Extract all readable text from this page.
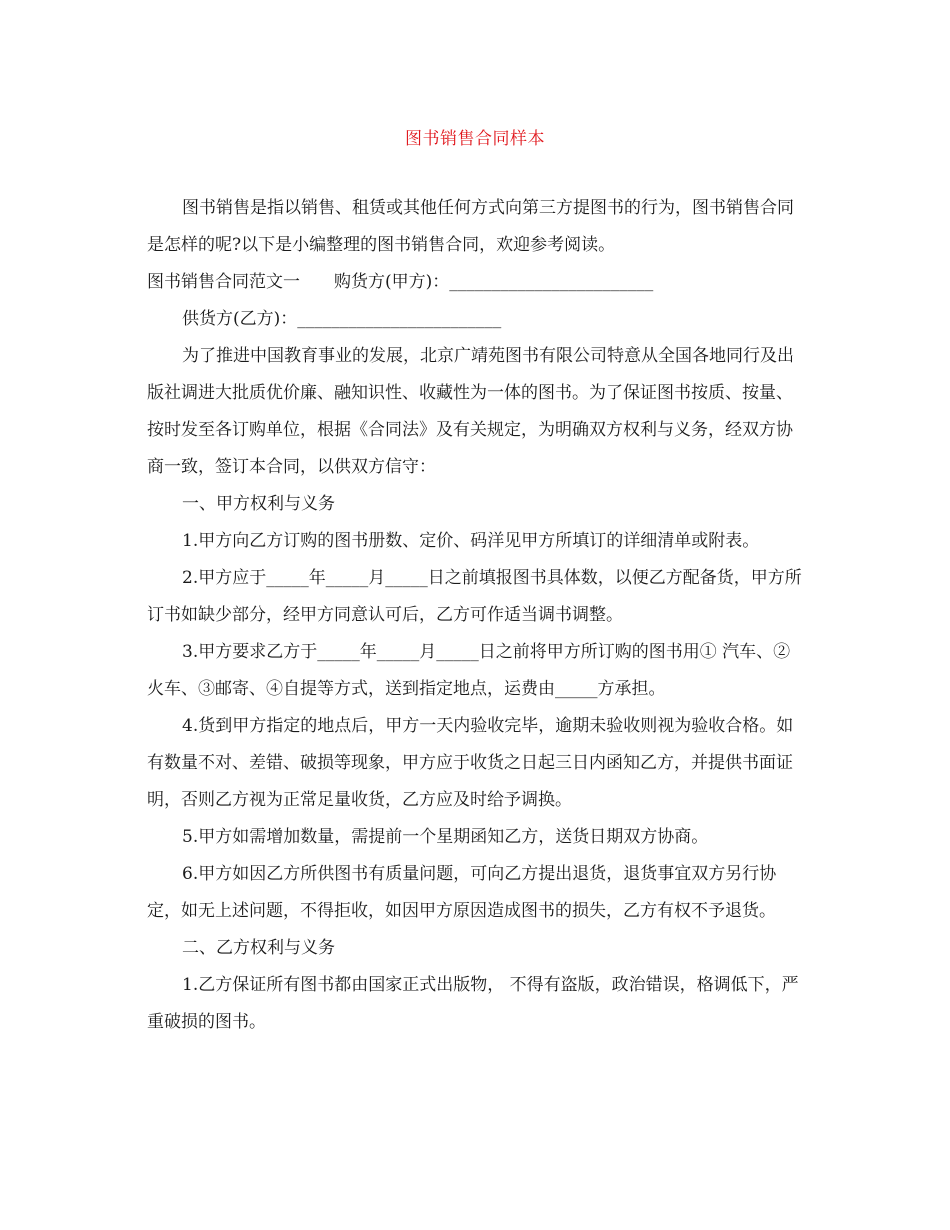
图书销售合同样本

图书销售是指以销售、租赁或其他任何方式向第三方提图书的行为，图书销售合同是怎样的呢?以下是小编整理的图书销售合同，欢迎参考阅读。

图书销售合同范文一 购货方(甲方)：________________________

供货方(乙方)：________________________

为了推进中国教育事业的发展，北京广靖苑图书有限公司特意从全国各地同行及出版社调进大批质优价廉、融知识性、收藏性为一体的图书。为了保证图书按质、按量、按时发至各订购单位，根据《合同法》及有关规定，为明确双方权利与义务，经双方协商一致，签订本合同，以供双方信守：

一、甲方权利与义务

1.甲方向乙方订购的图书册数、定价、码洋见甲方所填订的详细清单或附表。

2.甲方应于_____年_____月_____日之前填报图书具体数，以便乙方配备货，甲方所订书如缺少部分，经甲方同意认可后，乙方可作适当调书调整。

3.甲方要求乙方于_____年_____月_____日之前将甲方所订购的图书用① 汽车、②火车、③邮寄、④自提等方式，送到指定地点，运费由_____方承担。

4.货到甲方指定的地点后，甲方一天内验收完毕，逾期未验收则视为验收合格。如有数量不对、差错、破损等现象，甲方应于收货之日起三日内函知乙方，并提供书面证明，否则乙方视为正常足量收货，乙方应及时给予调换。

5.甲方如需增加数量，需提前一个星期函知乙方，送货日期双方协商。

6.甲方如因乙方所供图书有质量问题，可向乙方提出退货，退货事宜双方另行协定，如无上述问题，不得拒收，如因甲方原因造成图书的损失，乙方有权不予退货。

二、乙方权利与义务

1.乙方保证所有图书都由国家正式出版物， 不得有盗版，政治错误，格调低下，严重破损的图书。
